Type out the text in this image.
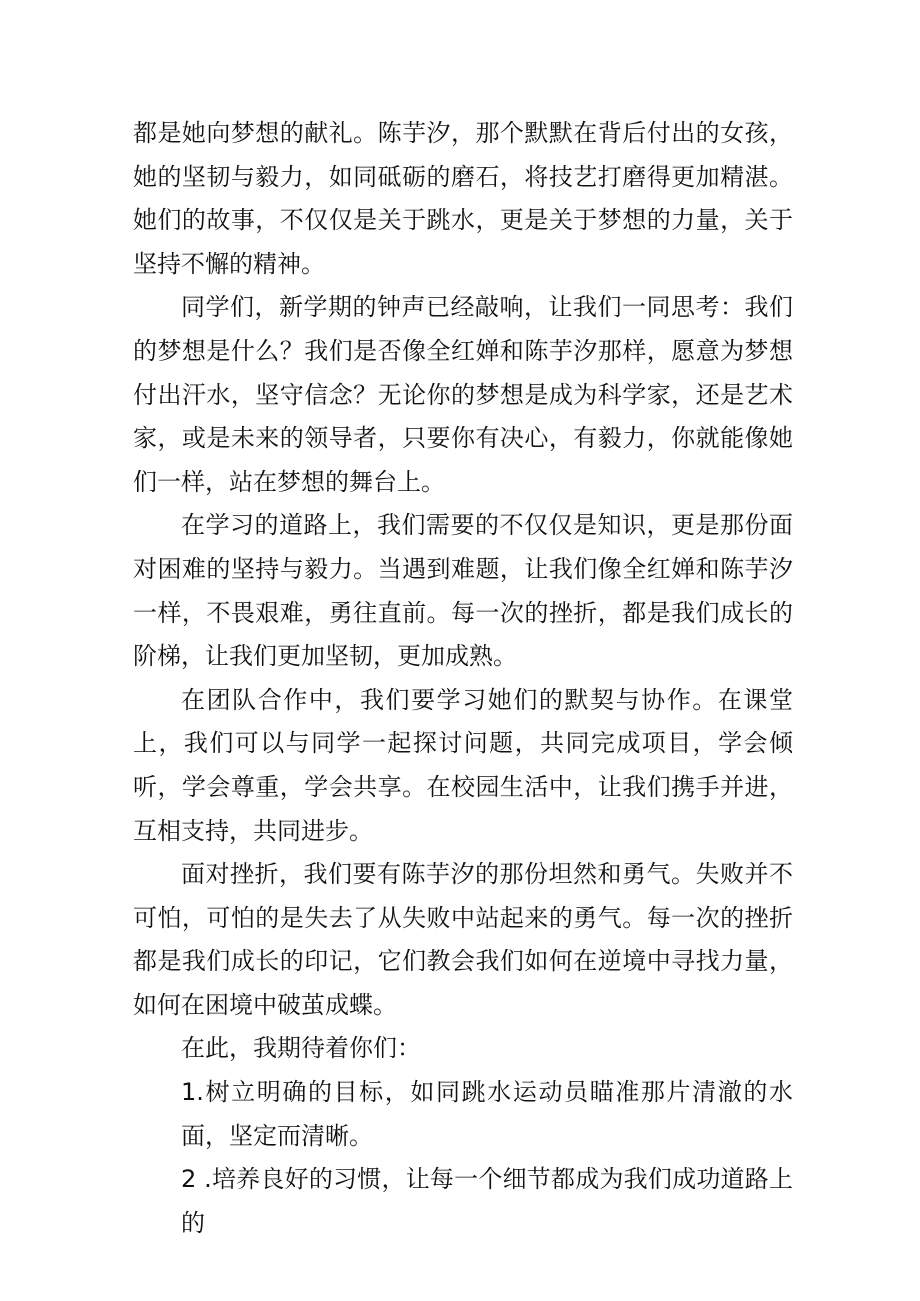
都是她向梦想的献礼。陈芋汐，那个默默在背后付出的女孩，她的坚韧与毅力，如同砥砺的磨石，将技艺打磨得更加精湛。她们的故事，不仅仅是关于跳水，更是关于梦想的力量，关于坚持不懈的精神。

同学们，新学期的钟声已经敲响，让我们一同思考：我们的梦想是什么？我们是否像全红婵和陈芋汐那样，愿意为梦想付出汗水，坚守信念？无论你的梦想是成为科学家，还是艺术家，或是未来的领导者，只要你有决心，有毅力，你就能像她们一样，站在梦想的舞台上。

在学习的道路上，我们需要的不仅仅是知识，更是那份面对困难的坚持与毅力。当遇到难题，让我们像全红婵和陈芋汐一样，不畏艰难，勇往直前。每一次的挫折，都是我们成长的阶梯，让我们更加坚韧，更加成熟。

在团队合作中，我们要学习她们的默契与协作。在课堂上，我们可以与同学一起探讨问题，共同完成项目，学会倾听，学会尊重，学会共享。在校园生活中，让我们携手并进，互相支持，共同进步。

面对挫折，我们要有陈芋汐的那份坦然和勇气。失败并不可怕，可怕的是失去了从失败中站起来的勇气。每一次的挫折都是我们成长的印记，它们教会我们如何在逆境中寻找力量，如何在困境中破茧成蝶。

在此，我期待着你们：

1.树立明确的目标，如同跳水运动员瞄准那片清澈的水面，坚定而清晰。

2 .培养良好的习惯，让每一个细节都成为我们成功道路上的
